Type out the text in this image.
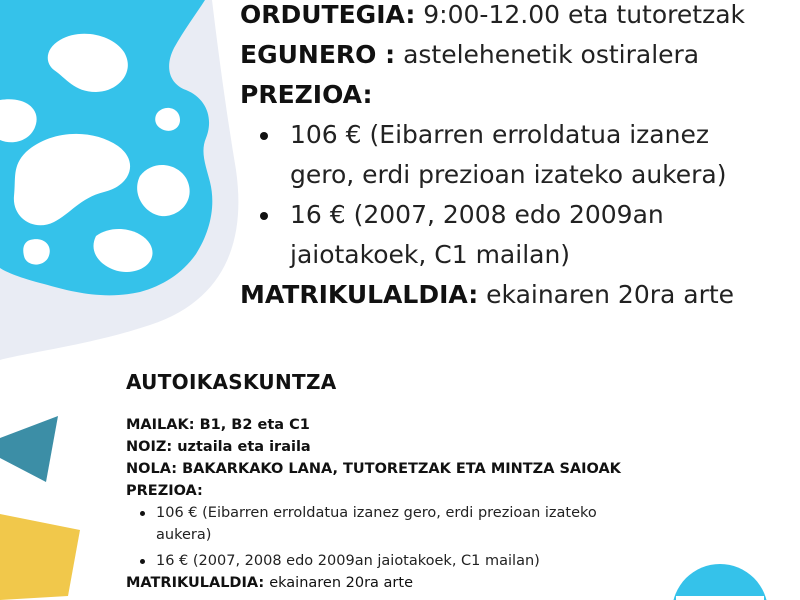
ORDUTEGIA: 9:00-12.00 eta tutoretzak
EGUNERO : astelehenetik ostiralera
PREZIOA:
106 € (Eibarren erroldatua izanez
gero, erdi prezioan izateko aukera)
16 € (2007, 2008 edo 2009an
jaiotakoek, C1 mailan)
MATRIKULALDIA: ekainaren 20ra arte
AUTOIKASKUNTZA
MAILAK: B1, B2 eta C1
NOIZ: uztaila eta iraila
NOLA: BAKARKAKO LANA, TUTORETZAK ETA MINTZA SAIOAK
PREZIOA:
106 € (Eibarren erroldatua izanez gero, erdi prezioan izateko
aukera)
16 € (2007, 2008 edo 2009an jaiotakoek, C1 mailan)
MATRIKULALDIA: ekainaren 20ra arte
